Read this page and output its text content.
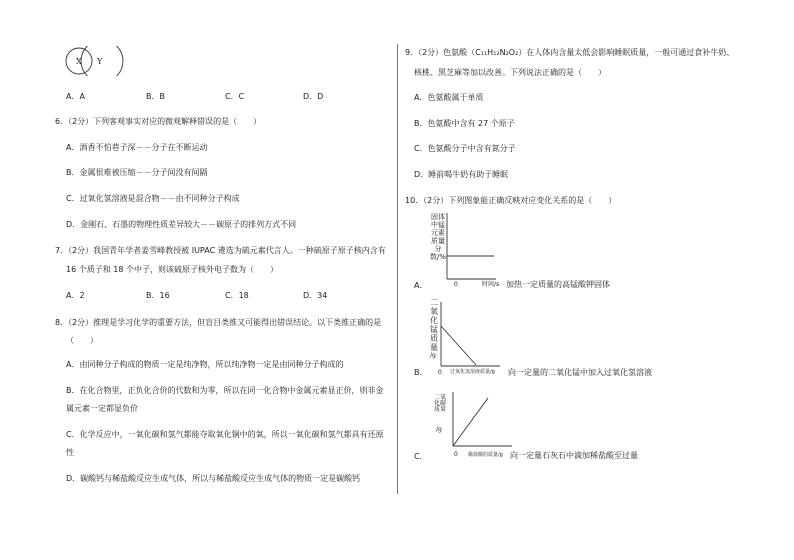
X Y
A．A	B．B	C．C	D．D
6．（2分）下列客观事实对应的微观解释错误的是（　　）
A．酒香不怕巷子深－－分子在不断运动
B．金属很难被压缩－－分子间没有间隔
C．过氧化氢溶液是混合物－－由不同种分子构成
D．金刚石、石墨的物理性质差异较大－－碳原子的排列方式不同
7．（2分）我国青年学者姜雪峰教授被 IUPAC 遴选为硫元素代言人。一种硫原子原子核内含有
16 个质子和 18 个中子，则该硫原子核外电子数为（　　）
A．2	B．16	C．18	D．34
8．（2分）推理是学习化学的重要方法，但盲目类推又可能得出错误结论。以下类推正确的是
（　　）
A．由同种分子构成的物质一定是纯净物，所以纯净物一定是由同种分子构成的
B．在化合物里，正负化合价的代数和为零，所以在同一化合物中金属元素显正价，则非金
属元素一定都显负价
C．化学反应中，一氧化碳和氢气都能夺取氧化铜中的氧，所以一氧化碳和氢气都具有还原
性
D．碳酸钙与稀盐酸反应生成气体，所以与稀盐酸反应生成气体的物质一定是碳酸钙
9．（2分）色氨酸（C₁₁H₁₂N₂O₂）在人体内含量太低会影响睡眠质量，一般可通过食补牛奶、
核桃、黑芝麻等加以改善。下列说法正确的是（　　）
A．色氨酸属于单质
B．色氨酸中含有 27 个原子
C．色氨酸分子中含有氮分子
D．睡前喝牛奶有助于睡眠
10．（2分）下列图象能正确反映对应变化关系的是（　　）
固体中锰元素质量分数/%
A．	0	时间/s 加热一定质量的高锰酸钾固体
二氧化锰质量
/g
B． 0 过氧化氢溶液质量/g 向一定量的二氧化锰中加入过氧化氢溶液
二氧化碳质量
/g
C．	0 稀盐酸的质量/g 向一定量石灰石中滴加稀盐酸至过量
